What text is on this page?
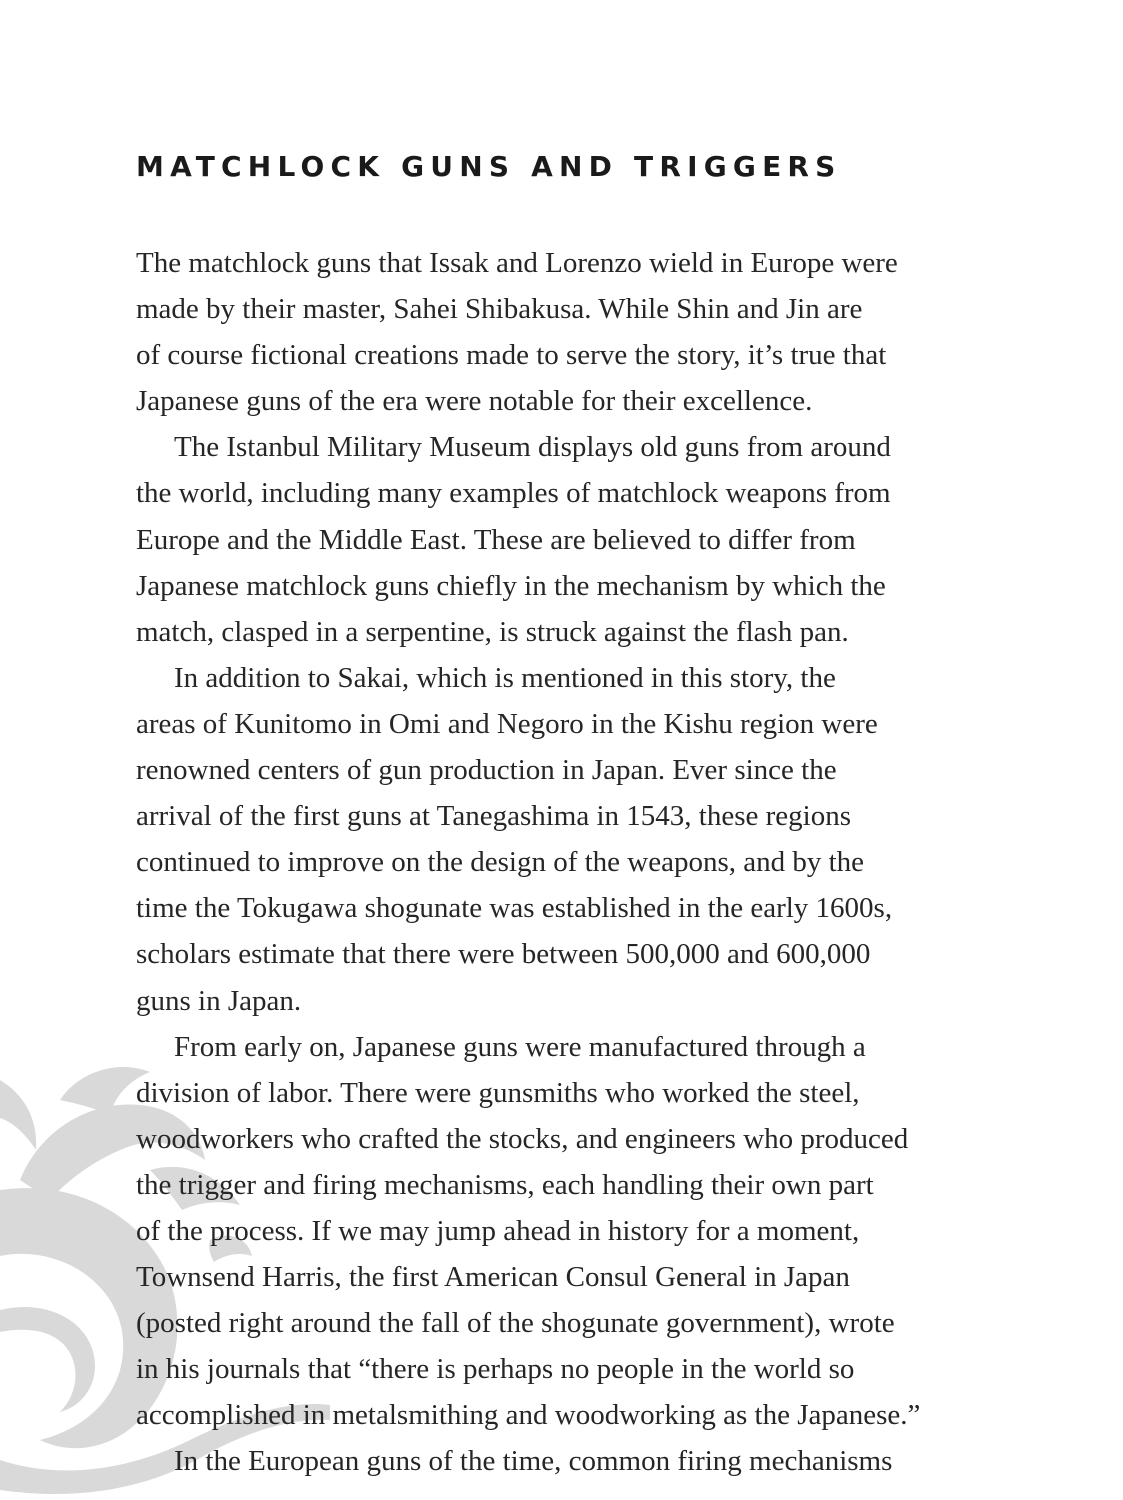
MATCHLOCK GUNS AND TRIGGERS
The matchlock guns that Issak and Lorenzo wield in Europe were
made by their master, Sahei Shibakusa. While Shin and Jin are
of course fictional creations made to serve the story, it’s true that
Japanese guns of the era were notable for their excellence.
The Istanbul Military Museum displays old guns from around
the world, including many examples of matchlock weapons from
Europe and the Middle East. These are believed to differ from
Japanese matchlock guns chiefly in the mechanism by which the
match, clasped in a serpentine, is struck against the flash pan.
In addition to Sakai, which is mentioned in this story, the
areas of Kunitomo in Omi and Negoro in the Kishu region were
renowned centers of gun production in Japan. Ever since the
arrival of the first guns at Tanegashima in 1543, these regions
continued to improve on the design of the weapons, and by the
time the Tokugawa shogunate was established in the early 1600s,
scholars estimate that there were between 500,000 and 600,000
guns in Japan.
From early on, Japanese guns were manufactured through a
division of labor. There were gunsmiths who worked the steel,
woodworkers who crafted the stocks, and engineers who produced
the trigger and firing mechanisms, each handling their own part
of the process. If we may jump ahead in history for a moment,
Townsend Harris, the first American Consul General in Japan
(posted right around the fall of the shogunate government), wrote
in his journals that “there is perhaps no people in the world so
accomplished in metalsmithing and woodworking as the Japanese.”
In the European guns of the time, common firing mechanisms
